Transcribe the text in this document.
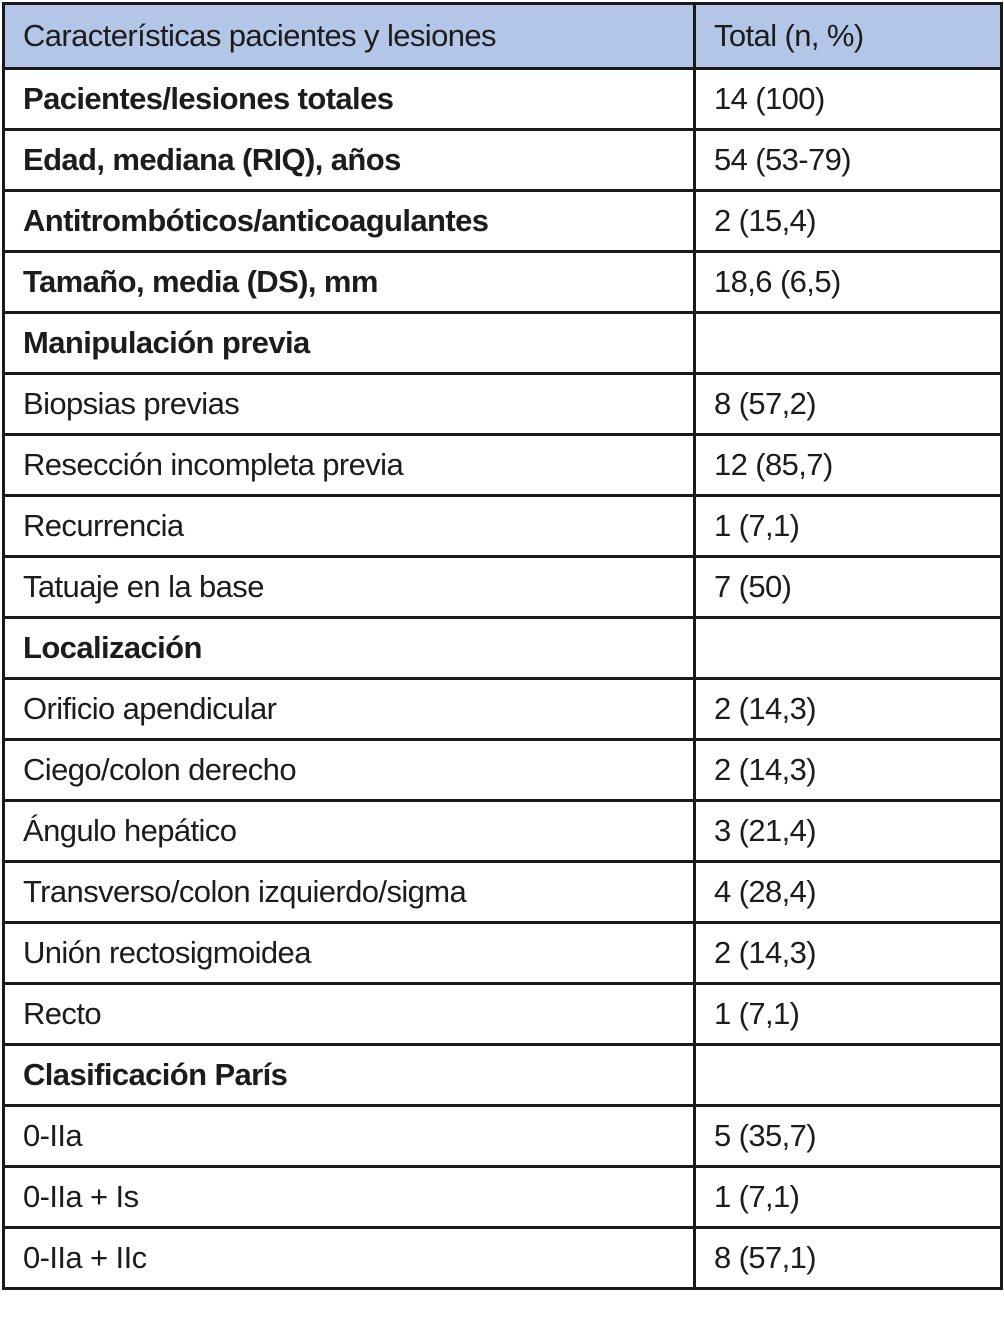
Características pacientes y lesiones	Total (n, %)
Pacientes/lesiones totales	14 (100)
Edad, mediana (RIQ), años	54 (53-79)
Antitrombóticos/anticoagulantes	2 (15,4)
Tamaño, media (DS), mm	18,6 (6,5)
Manipulación previa	
Biopsias previas	8 (57,2)
Resección incompleta previa	12 (85,7)
Recurrencia	1 (7,1)
Tatuaje en la base	7 (50)
Localización	
Orificio apendicular	2 (14,3)
Ciego/colon derecho	2 (14,3)
Ángulo hepático	3 (21,4)
Transverso/colon izquierdo/sigma	4 (28,4)
Unión rectosigmoidea	2 (14,3)
Recto	1 (7,1)
Clasificación París	
0-IIa	5 (35,7)
0-IIa + Is	1 (7,1)
0-IIa + IIc	8 (57,1)
